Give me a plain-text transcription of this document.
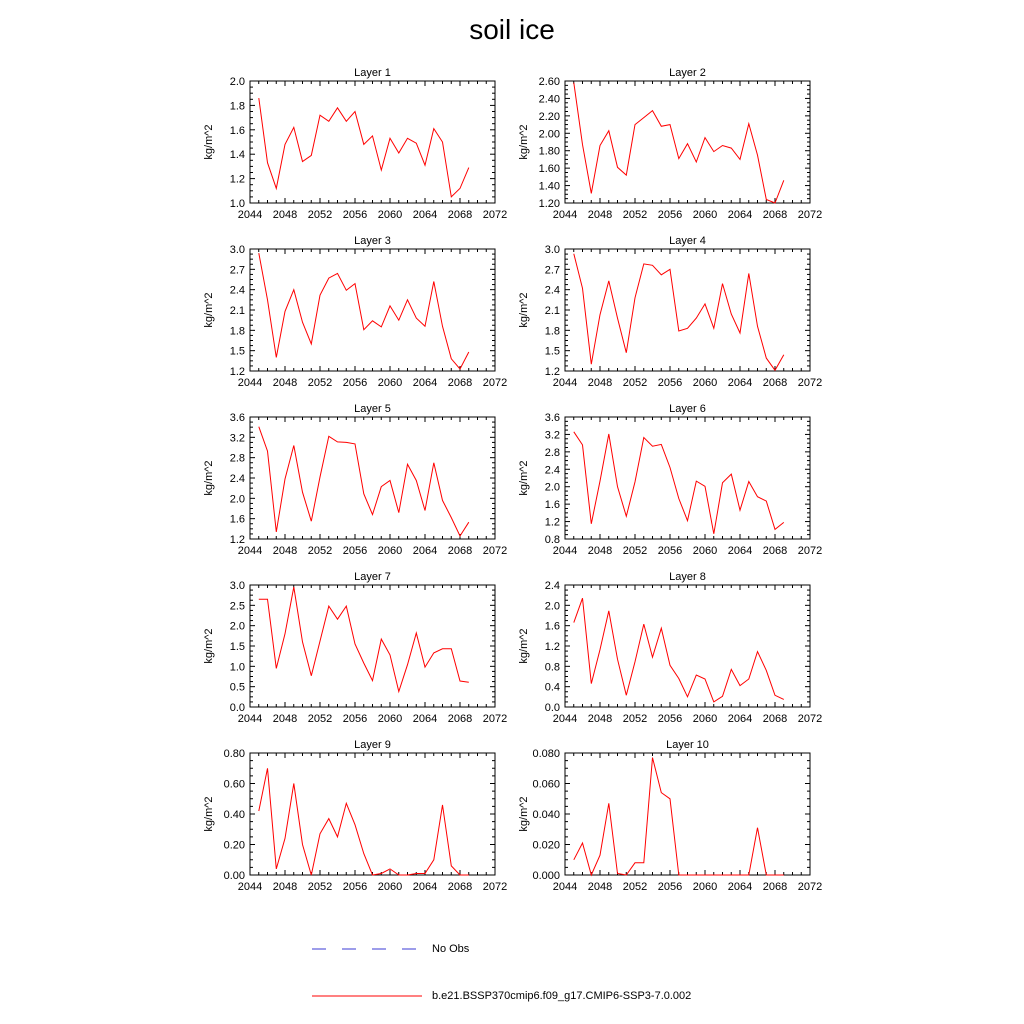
soil ice
Layer 1
kg/m^2
2044 2048 2052 2056 2060 2064 2068 2072
1.0
1.2
1.4
1.6
1.8
2.0
Layer 2
kg/m^2
2044 2048 2052 2056 2060 2064 2068 2072
1.20
1.40
1.60
1.80
2.00
2.20
2.40
2.60
Layer 3
kg/m^2
2044 2048 2052 2056 2060 2064 2068 2072
1.2
1.5
1.8
2.1
2.4
2.7
3.0
Layer 4
kg/m^2
2044 2048 2052 2056 2060 2064 2068 2072
1.2
1.5
1.8
2.1
2.4
2.7
3.0
Layer 5
kg/m^2
2044 2048 2052 2056 2060 2064 2068 2072
1.2
1.6
2.0
2.4
2.8
3.2
3.6
Layer 6
kg/m^2
2044 2048 2052 2056 2060 2064 2068 2072
0.8
1.2
1.6
2.0
2.4
2.8
3.2
3.6
Layer 7
kg/m^2
2044 2048 2052 2056 2060 2064 2068 2072
0.0
0.5
1.0
1.5
2.0
2.5
3.0
Layer 8
kg/m^2
2044 2048 2052 2056 2060 2064 2068 2072
0.0
0.4
0.8
1.2
1.6
2.0
2.4
Layer 9
kg/m^2
2044 2048 2052 2056 2060 2064 2068 2072
0.00
0.20
0.40
0.60
0.80
Layer 10
kg/m^2
2044 2048 2052 2056 2060 2064 2068 2072
0.000
0.020
0.040
0.060
0.080
No Obs
b.e21.BSSP370cmip6.f09_g17.CMIP6-SSP3-7.0.002
